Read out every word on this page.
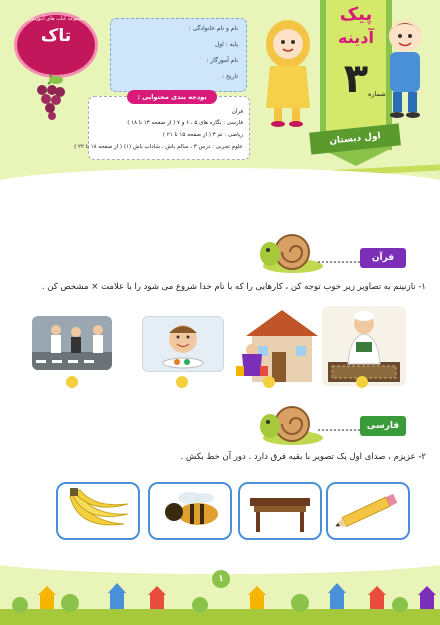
مجموعه کتاب های آموزشی
تاک	نام و نام خانوادگی :
پایه : اول
نام آموزگار :
تاریخ :
بودجه بندی محتوایی :
قرآن
فارسی : نگاره های ۵ ، ۶ و ۷ ( از صفحه ۱۳ تا ۱۸ )
ریاضی : تم ۳ ( از صفحه ۱۵ تا ۲۱ )
علوم تجربی : درس ۳ ، سالم باش ، شاداب باش (۱) ( از صفحه ۱۸ تا ۲۲ )
پیک
آدینه
۳ شماره
اول دبستان
قرآن
۱- نازنینم به تصاویر زیر خوب توجه کن ، کارهایی را که با نام خدا شروع می شود را با علامت × مشخص کن .
فارسی
۲- عزیزم ، صدای اول یک تصویر با بقیه فرق دارد . دور آن خط بکش .
۱
